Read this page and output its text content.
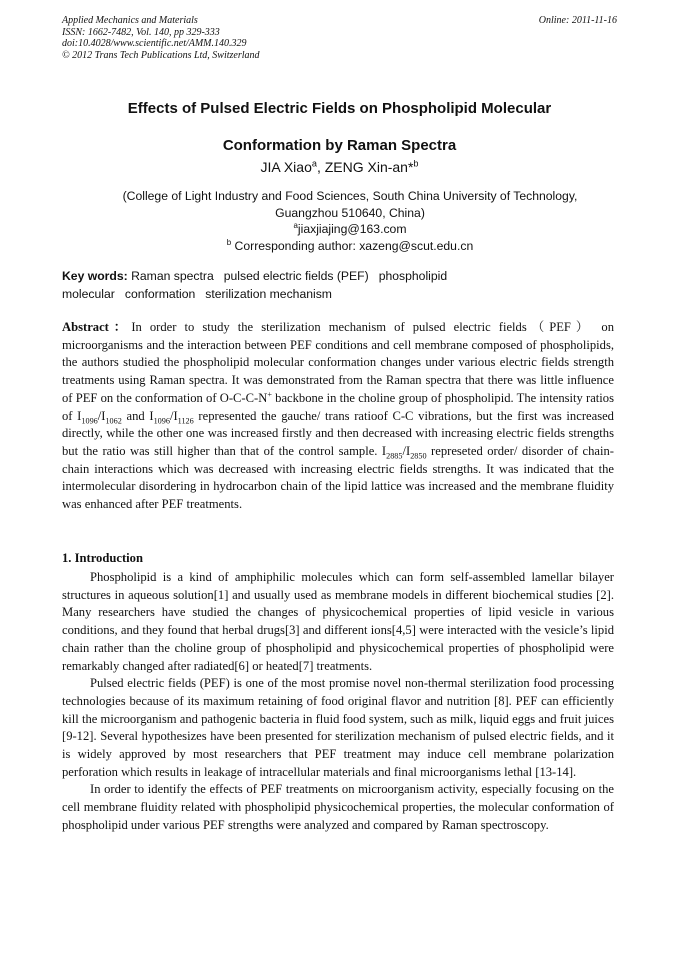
Applied Mechanics and Materials
ISSN: 1662-7482, Vol. 140, pp 329-333
doi:10.4028/www.scientific.net/AMM.140.329
© 2012 Trans Tech Publications Ltd, Switzerland
Online: 2011-11-16
Effects of Pulsed Electric Fields on Phospholipid Molecular
Conformation by Raman Spectra
JIA Xiao$^a$, ZENG Xin-an*$^b$
(College of Light Industry and Food Sciences, South China University of Technology,
Guangzhou 510640, China)
$^a$jiaxjiajing@163.com
$^b$ Corresponding author: xazeng@scut.edu.cn
Key words: Raman spectra pulsed electric fields (PEF) phospholipid molecular conformation sterilization mechanism
Abstract：In order to study the sterilization mechanism of pulsed electric fields（PEF） on microorganisms and the interaction between PEF conditions and cell membrane composed of phospholipids, the authors studied the phospholipid molecular conformation changes under various electric fields strength treatments using Raman spectra. It was demonstrated from the Raman spectra that there was little influence of PEF on the conformation of O-C-C-N+ backbone in the choline group of phospholipid. The intensity ratios of $I_{1096}/I_{1062}$ and $I_{1096}/I_{1126}$ represented the gauche/ trans ratioof C-C vibrations, but the first was increased directly, while the other one was increased firstly and then decreased with increasing electric fields strengths but the ratio was still higher than that of the control sample. $I_{2885}/I_{2850}$ represeted order/ disorder of chain-chain interactions which was decreased with increasing electric fields strengths. It was indicated that the intermolecular disordering in hydrocarbon chain of the lipid lattice was increased and the membrane fluidity was enhanced after PEF treatments.
1. Introduction

Phospholipid is a kind of amphiphilic molecules which can form self-assembled lamellar bilayer structures in aqueous solution[1] and usually used as membrane models in different biochemical studies [2]. Many researchers have studied the changes of physicochemical properties of lipid vesicle in various conditions, and they found that herbal drugs[3] and different ions[4,5] were interacted with the vesicle’s lipid chain rather than the choline group of phospholipid and physicochemical properties of phospholipid were remarkably changed after radiated[6] or heated[7] treatments.

Pulsed electric fields (PEF) is one of the most promise novel non-thermal sterilization food processing technologies because of its maximum retaining of food original flavor and nutrition [8]. PEF can efficiently kill the microorganism and pathogenic bacteria in fluid food system, such as milk, liquid eggs and fruit juices [9-12]. Several hypothesizes have been presented for sterilization mechanism of pulsed electric fields, and it is widely approved by most researchers that PEF treatment may induce cell membrane polarization perforation which results in leakage of intracellular materials and final microorganisms lethal [13-14].

In order to identify the effects of PEF treatments on microorganism activity, especially focusing on the cell membrane fluidity related with phospholipid physicochemical properties, the molecular conformation of phospholipid under various PEF strengths were analyzed and compared by Raman spectroscopy.
